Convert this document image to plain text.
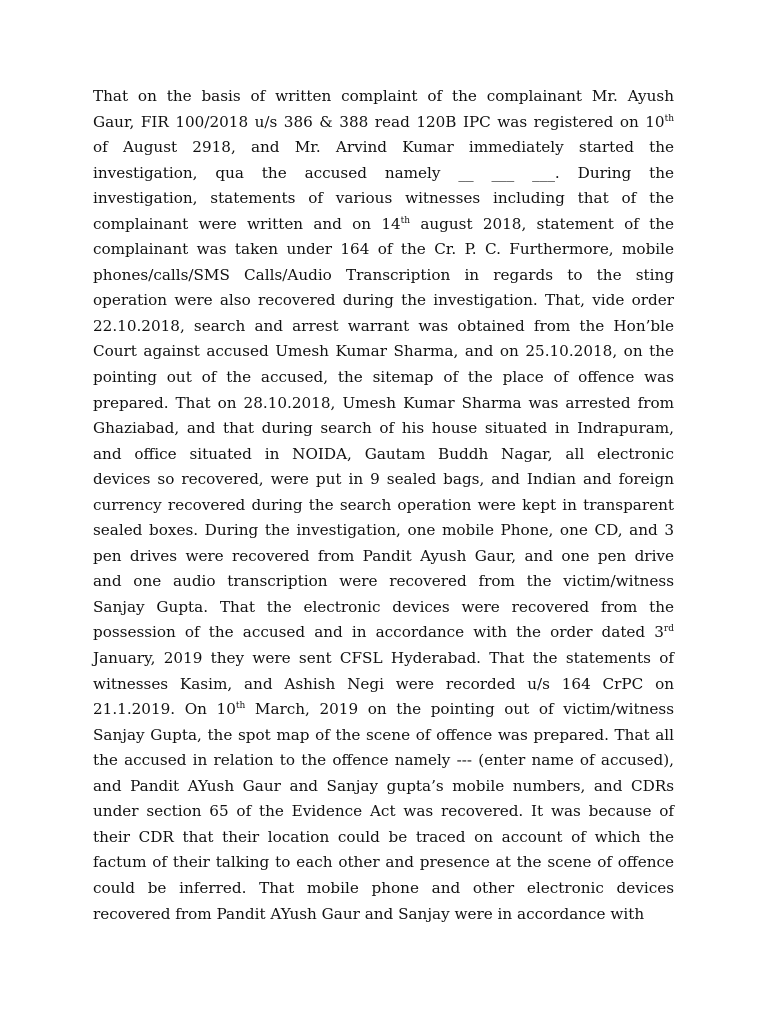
That on the basis of written complaint of the complainant Mr. Ayush
Gaur, FIR 100/2018 u/s 386 & 388 read 120B IPC was registered on 10th
of August 2918, and Mr. Arvind Kumar immediately started the
investigation, qua the accused namely __ ___ ___. During the
investigation, statements of various witnesses including that of the
complainant were written and on 14th august 2018, statement of the
complainant was taken under 164 of the Cr. P. C. Furthermore, mobile
phones/calls/SMS Calls/Audio Transcription in regards to the sting
operation were also recovered during the investigation. That, vide order
22.10.2018, search and arrest warrant was obtained from the Hon’ble
Court against accused Umesh Kumar Sharma, and on 25.10.2018, on the
pointing out of the accused, the sitemap of the place of offence was
prepared. That on 28.10.2018, Umesh Kumar Sharma was arrested from
Ghaziabad, and that during search of his house situated in Indrapuram,
and office situated in NOIDA, Gautam Buddh Nagar, all electronic
devices so recovered, were put in 9 sealed bags, and Indian and foreign
currency recovered during the search operation were kept in transparent
sealed boxes. During the investigation, one mobile Phone, one CD, and 3
pen drives were recovered from Pandit Ayush Gaur, and one pen drive
and one audio transcription were recovered from the victim/witness
Sanjay Gupta. That the electronic devices were recovered from the
possession of the accused and in accordance with the order dated 3rd
January, 2019 they were sent CFSL Hyderabad. That the statements of
witnesses Kasim, and Ashish Negi were recorded u/s 164 CrPC on
21.1.2019. On 10th March, 2019 on the pointing out of victim/witness
Sanjay Gupta, the spot map of the scene of offence was prepared. That all
the accused in relation to the offence namely --- (enter name of accused),
and Pandit AYush Gaur and Sanjay gupta’s mobile numbers, and CDRs
under section 65 of the Evidence Act was recovered. It was because of
their CDR that their location could be traced on account of which the
factum of their talking to each other and presence at the scene of offence
could be inferred. That mobile phone and other electronic devices
recovered from Pandit AYush Gaur and Sanjay were in accordance with
